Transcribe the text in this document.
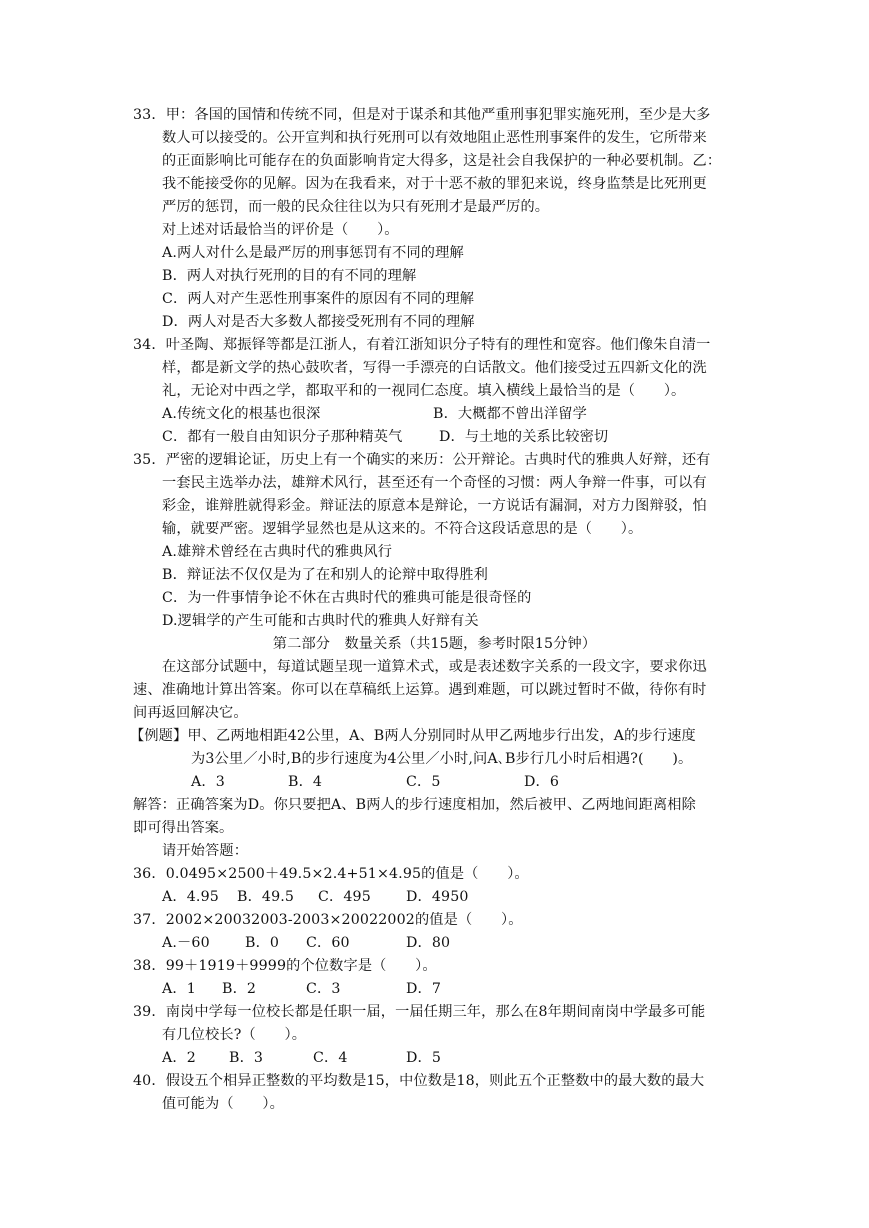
33．甲：各国的国情和传统不同，但是对于谋杀和其他严重刑事犯罪实施死刑，至少是大多
数人可以接受的。公开宣判和执行死刑可以有效地阻止恶性刑事案件的发生，它所带来
的正面影响比可能存在的负面影响肯定大得多，这是社会自我保护的一种必要机制。乙：
我不能接受你的见解。因为在我看来，对于十恶不赦的罪犯来说，终身监禁是比死刑更
严厉的惩罚，而一般的民众往往以为只有死刑才是最严厉的。
对上述对话最恰当的评价是（　　）。
A.两人对什么是最严厉的刑事惩罚有不同的理解
B．两人对执行死刑的目的有不同的理解
C．两人对产生恶性刑事案件的原因有不同的理解
D．两人对是否大多数人都接受死刑有不同的理解
34．叶圣陶、郑振铎等都是江浙人，有着江浙知识分子特有的理性和宽容。他们像朱自清一
样，都是新文学的热心鼓吹者，写得一手漂亮的白话散文。他们接受过五四新文化的洗
礼，无论对中西之学，都取平和的一视同仁态度。填入横线上最恰当的是（　　）。
A.传统文化的根基也很深	B．大概都不曾出洋留学
C．都有一般自由知识分子那种精英气	D．与土地的关系比较密切
35．严密的逻辑论证，历史上有一个确实的来历：公开辩论。古典时代的雅典人好辩，还有
一套民主选举办法，雄辩术风行，甚至还有一个奇怪的习惯：两人争辩一件事，可以有
彩金，谁辩胜就得彩金。辩证法的原意本是辩论，一方说话有漏洞，对方力图辩驳，怕
输，就要严密。逻辑学显然也是从这来的。不符合这段话意思的是（　　）。
A.雄辩术曾经在古典时代的雅典风行
B．辩证法不仅仅是为了在和别人的论辩中取得胜利
C．为一件事情争论不休在古典时代的雅典可能是很奇怪的
D.逻辑学的产生可能和古典时代的雅典人好辩有关
第二部分　数量关系（共15题，参考时限15分钟）
在这部分试题中，每道试题呈现一道算术式，或是表述数字关系的一段文字，要求你迅
速、准确地计算出答案。你可以在草稿纸上运算。遇到难题，可以跳过暂时不做，待你有时
间再返回解决它。
【例题】甲、乙两地相距42公里，A、B两人分别同时从甲乙两地步行出发，A的步行速度
为3公里／小时,B的步行速度为4公里／小时,问A､B步行几小时后相遇?(　　)。
A．3	B．4	C．5	D．6
解答：正确答案为D。你只要把A、B两人的步行速度相加，然后被甲、乙两地间距离相除
即可得出答案。
请开始答题：
36．0.0495×2500＋49.5×2.4+51×4.95的值是（　　）。
A．4.95 B．49.5 C．495 D．4950
37．2002×20032003-2003×20022002的值是（　　）。
A.－60 B．0 C．60	D．80
38．99＋1919＋9999的个位数字是（　　）。
A．1 B．2	C．3	D．7
39．南岗中学每一位校长都是任职一届，一届任期三年，那么在8年期间南岗中学最多可能
有几位校长?（　　）。
A．2 B．3	C．4	D．5
40．假设五个相异正整数的平均数是15，中位数是18，则此五个正整数中的最大数的最大
值可能为（　　）。
